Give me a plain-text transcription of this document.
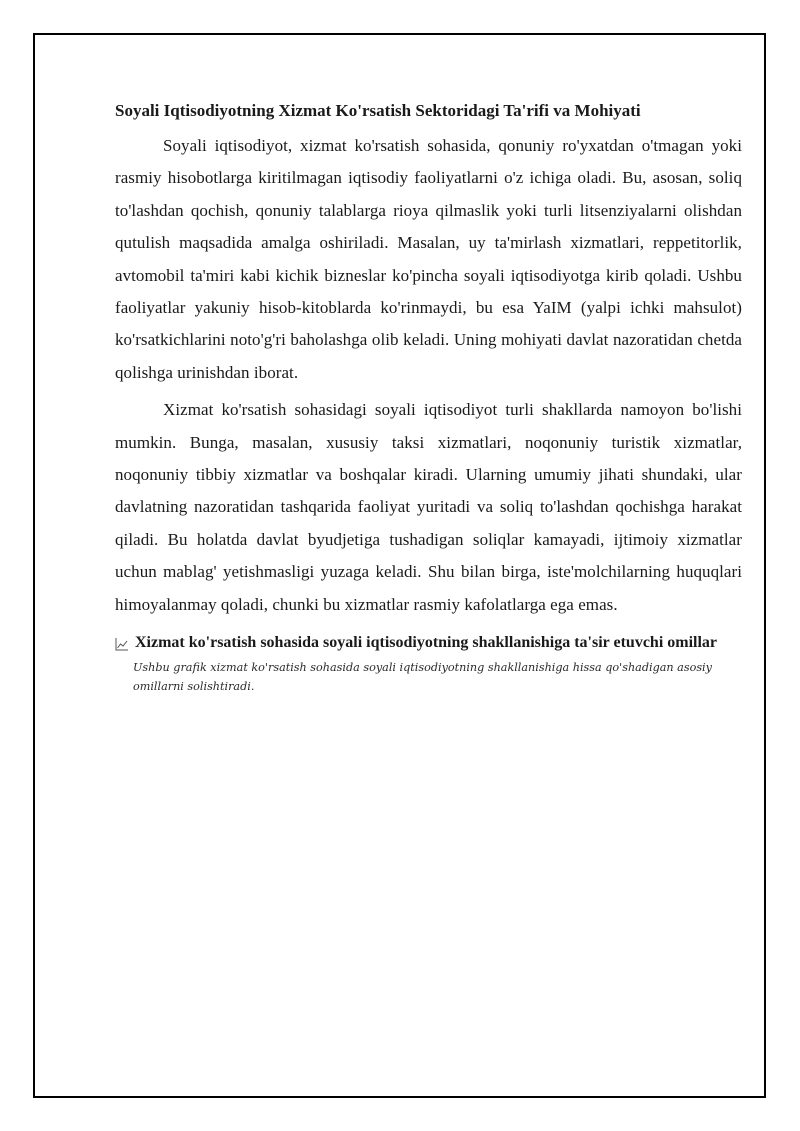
Soyali Iqtisodiyotning Xizmat Ko'rsatish Sektoridagi Ta'rifi va Mohiyati

Soyali iqtisodiyot, xizmat ko'rsatish sohasida, qonuniy ro'yxatdan o'tmagan yoki rasmiy hisobotlarga kiritilmagan iqtisodiy faoliyatlarni o'z ichiga oladi. Bu, asosan, soliq to'lashdan qochish, qonuniy talablarga rioya qilmaslik yoki turli litsenziyalarni olishdan qutulish maqsadida amalga oshiriladi. Masalan, uy ta'mirlash xizmatlari, reppetitorlik, avtomobil ta'miri kabi kichik bizneslar ko'pincha soyali iqtisodiyotga kirib qoladi. Ushbu faoliyatlar yakuniy hisob-kitoblarda ko'rinmaydi, bu esa YaIM (yalpi ichki mahsulot) ko'rsatkichlarini noto'g'ri baholashga olib keladi. Uning mohiyati davlat nazoratidan chetda qolishga urinishdan iborat.

Xizmat ko'rsatish sohasidagi soyali iqtisodiyot turli shakllarda namoyon bo'lishi mumkin. Bunga, masalan, xususiy taksi xizmatlari, noqonuniy turistik xizmatlar, noqonuniy tibbiy xizmatlar va boshqalar kiradi. Ularning umumiy jihati shundaki, ular davlatning nazoratidan tashqarida faoliyat yuritadi va soliq to'lashdan qochishga harakat qiladi. Bu holatda davlat byudjetiga tushadigan soliqlar kamayadi, ijtimoiy xizmatlar uchun mablag' yetishmasligi yuzaga keladi. Shu bilan birga, iste'molchilarning huquqlari himoyalanmay qoladi, chunki bu xizmatlar rasmiy kafolatlarga ega emas.

Xizmat ko'rsatish sohasida soyali iqtisodiyotning shakllanishiga ta'sir etuvchi omillar
Ushbu grafik xizmat ko'rsatish sohasida soyali iqtisodiyotning shakllanishiga hissa qo'shadigan asosiy omillarni solishtiradi.
